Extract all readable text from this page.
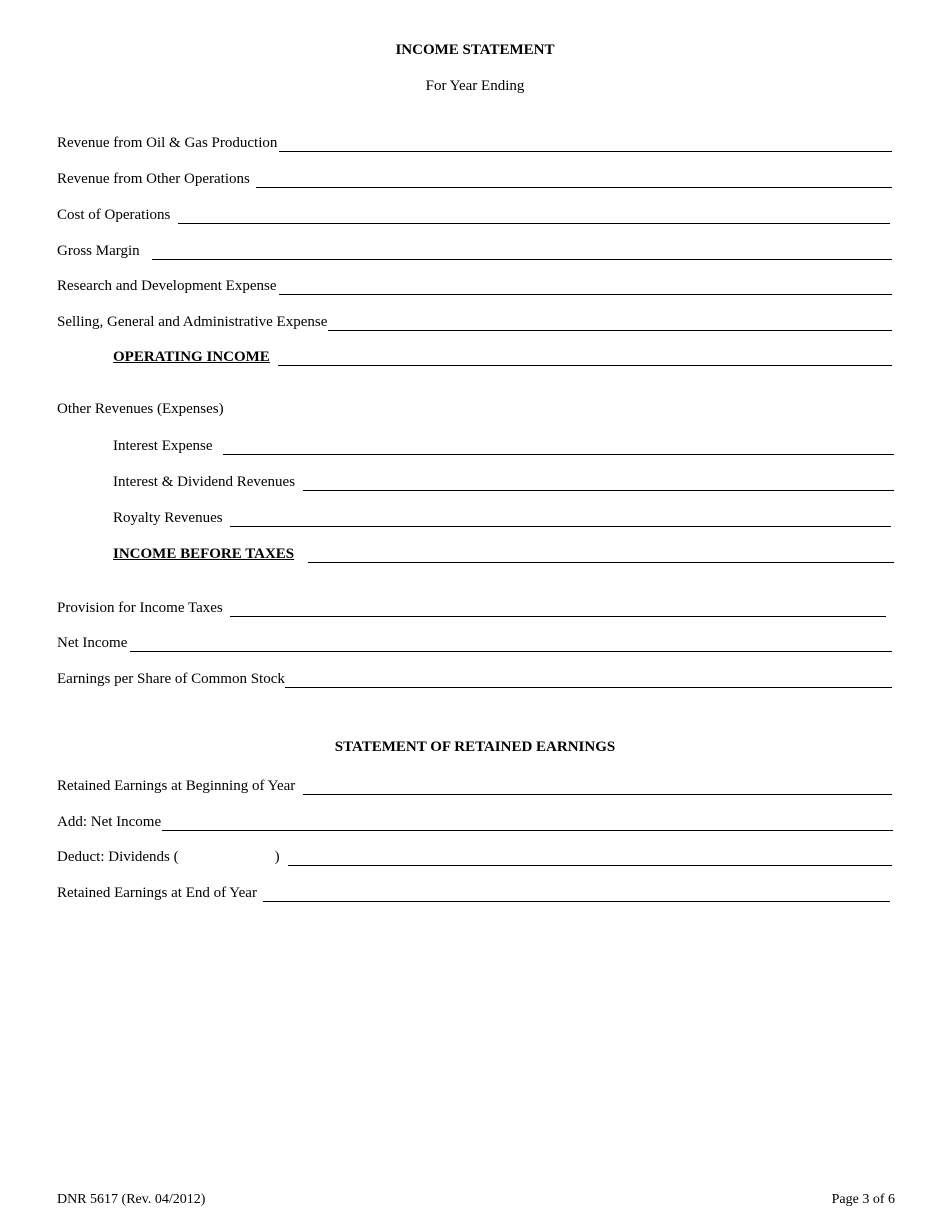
INCOME STATEMENT
For Year Ending
Revenue from Oil & Gas Production
Revenue from Other Operations
Cost of Operations
Gross Margin
Research and Development Expense
Selling, General and Administrative Expense
OPERATING INCOME
Other Revenues (Expenses)
Interest Expense
Interest & Dividend Revenues
Royalty Revenues
INCOME BEFORE TAXES
Provision for Income Taxes
Net Income
Earnings per Share of Common Stock
STATEMENT OF RETAINED EARNINGS
Retained Earnings at Beginning of Year
Add: Net Income
Deduct: Dividends (	)
Retained Earnings at End of Year
DNR 5617 (Rev. 04/2012)	Page 3 of 6
